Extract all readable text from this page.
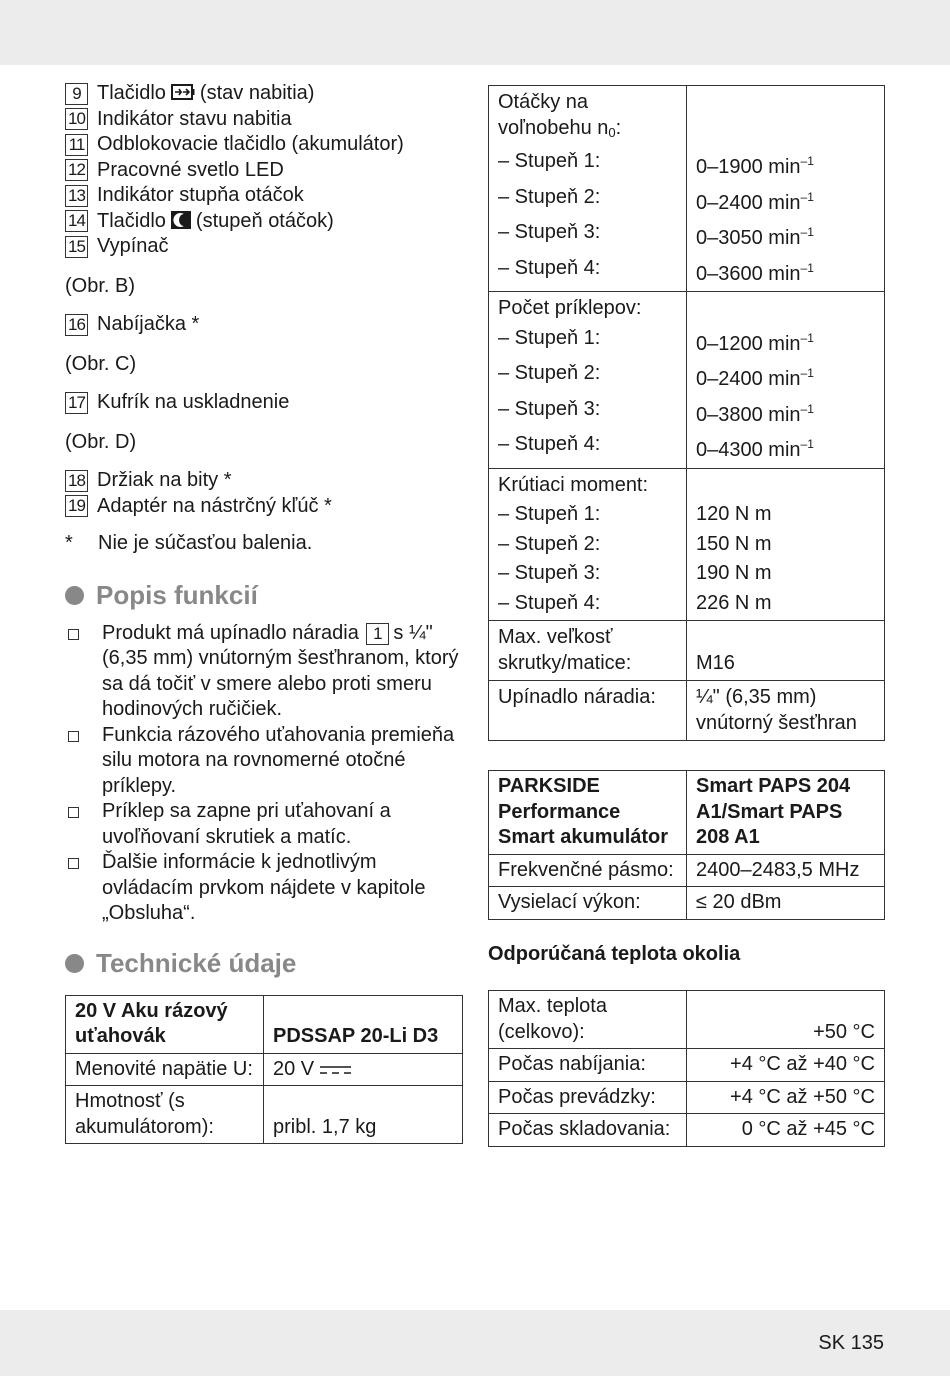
9 Tlačidlo (stav nabitia)
10 Indikátor stavu nabitia
11 Odblokovacie tlačidlo (akumulátor)
12 Pracovné svetlo LED
13 Indikátor stupňa otáčok
14 Tlačidlo (stupeň otáčok)
15 Vypínač
(Obr. B)
16 Nabíjačka *
(Obr. C)
17 Kufrík na uskladnenie
(Obr. D)
18 Držiak na bity *
19 Adaptér na nástrčný kľúč *
*	Nie je súčasťou balenia.
Popis funkcií
Produkt má upínadlo náradia 1 s ¼" (6,35 mm) vnútorným šesťhranom, ktorý sa dá točiť v smere alebo proti smeru hodinových ručičiek.
Funkcia rázového uťahovania premieňa silu motora na rovnomerné otočné príklepy.
Príklep sa zapne pri uťahovaní a uvoľňovaní skrutiek a matíc.
Ďalšie informácie k jednotlivým ovládacím prvkom nájdete v kapitole „Obsluha“.
Technické údaje
20 V Aku rázový uťahovák	PDSSAP 20-Li D3
Menovité napätie U:	20 V
Hmotnosť (s akumulátorom):	pribl. 1,7 kg
Otáčky na voľnobehu $n_0$:	
– Stupeň 1:	0–1900 $\min^{-1}$
– Stupeň 2:	0–2400 $\min^{-1}$
– Stupeň 3:	0–3050 $\min^{-1}$
– Stupeň 4:	0–3600 $\min^{-1}$
Počet príklepov:	
– Stupeň 1:	0–1200 $\min^{-1}$
– Stupeň 2:	0–2400 $\min^{-1}$
– Stupeň 3:	0–3800 $\min^{-1}$
– Stupeň 4:	0–4300 $\min^{-1}$
Krútiaci moment:	
– Stupeň 1:	120 N m
– Stupeň 2:	150 N m
– Stupeň 3:	190 N m
– Stupeň 4:	226 N m
Max. veľkosť skrutky/matice:	M16
Upínadlo náradia:	¼" (6,35 mm) vnútorný šesťhran
PARKSIDE Performance Smart akumulátor	Smart PAPS 204 A1/Smart PAPS 208 A1
Frekvenčné pásmo:	2400–2483,5 MHz
Vysielací výkon:	≤ 20 dBm
Odporúčaná teplota okolia
Max. teplota (celkovo):	+50 °C
Počas nabíjania:	+4 °C až +40 °C
Počas prevádzky:	+4 °C až +50 °C
Počas skladovania:	0 °C až +45 °C
SK 135
